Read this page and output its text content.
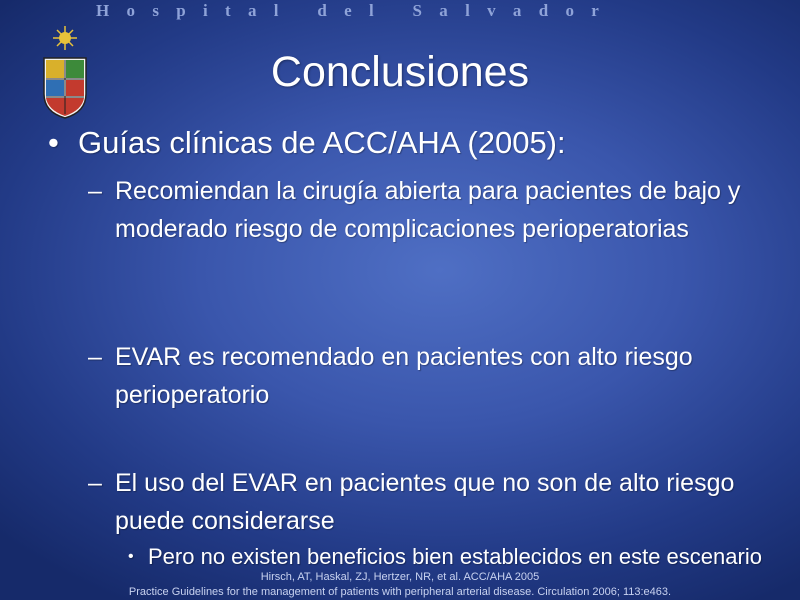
Hospital del Salvador
Conclusiones
• Guías clínicas de ACC/AHA (2005):
– Recomiendan la cirugía abierta para pacientes de bajo y moderado riesgo de complicaciones perioperatorias
– EVAR es recomendado en pacientes con alto riesgo perioperatorio
– El uso del EVAR en pacientes que no son de alto riesgo puede considerarse
• Pero no existen beneficios bien establecidos en este escenario
Hirsch, AT, Haskal, ZJ, Hertzer, NR, et al. ACC/AHA 2005
Practice Guidelines for the management of patients with peripheral arterial disease. Circulation 2006; 113:e463.
